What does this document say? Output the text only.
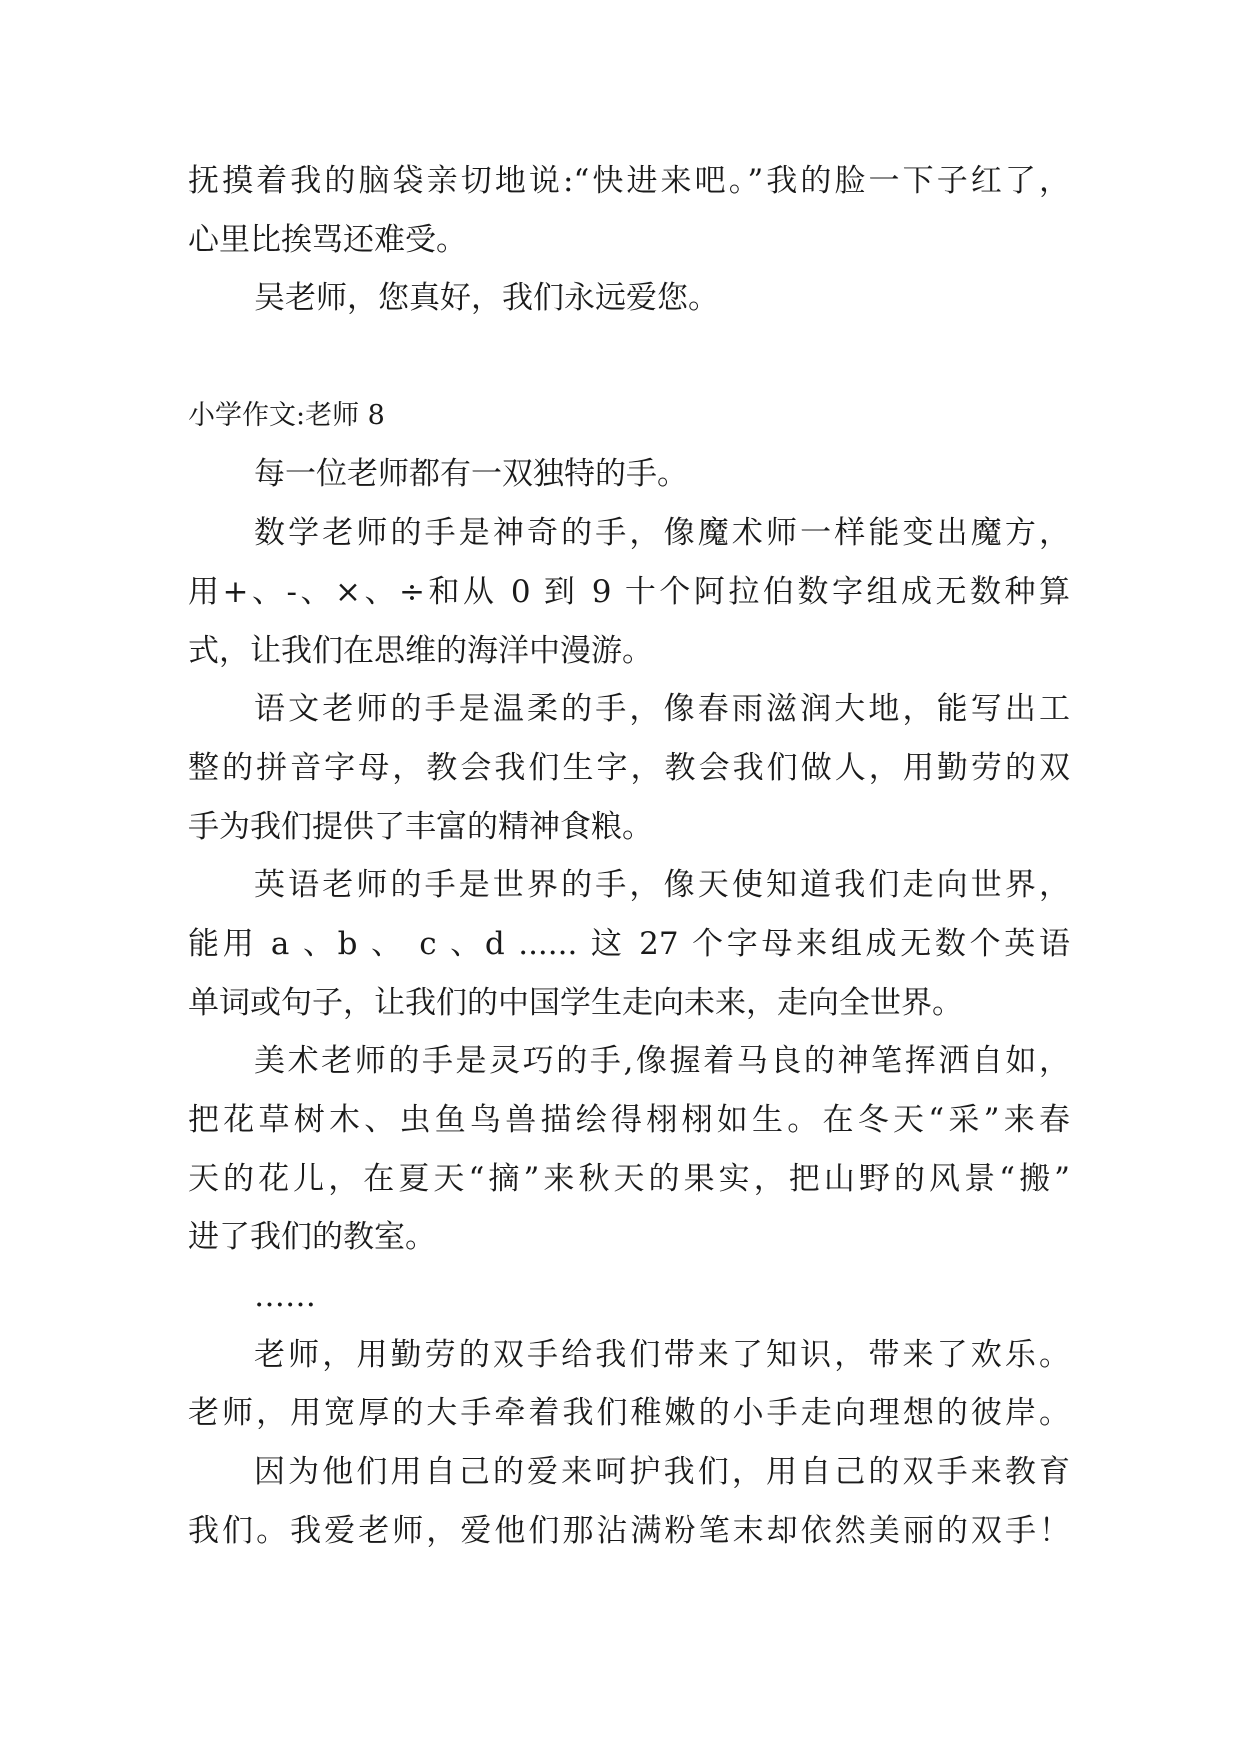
抚摸着我的脑袋亲切地说:“快进来吧。”我的脸一下子红了，
心里比挨骂还难受。
吴老师，您真好，我们永远爱您。
小学作文:老师 8
每一位老师都有一双独特的手。
数学老师的手是神奇的手，像魔术师一样能变出魔方，
用+、-、×、÷和从 0 到 9 十个阿拉伯数字组成无数种算
式，让我们在思维的海洋中漫游。
语文老师的手是温柔的手，像春雨滋润大地，能写出工
整的拼音字母，教会我们生字，教会我们做人，用勤劳的双
手为我们提供了丰富的精神食粮。
英语老师的手是世界的手，像天使知道我们走向世界，
能用 a 、b 、 c 、d ...... 这 27 个字母来组成无数个英语
单词或句子，让我们的中国学生走向未来，走向全世界。
美术老师的手是灵巧的手,像握着马良的神笔挥洒自如，
把花草树木、虫鱼鸟兽描绘得栩栩如生。在冬天“采”来春
天的花儿，在夏天“摘”来秋天的果实，把山野的风景“搬”
进了我们的教室。
……
老师，用勤劳的双手给我们带来了知识，带来了欢乐。
老师，用宽厚的大手牵着我们稚嫩的小手走向理想的彼岸。
因为他们用自己的爱来呵护我们，用自己的双手来教育
我们。我爱老师，爱他们那沾满粉笔末却依然美丽的双手！
